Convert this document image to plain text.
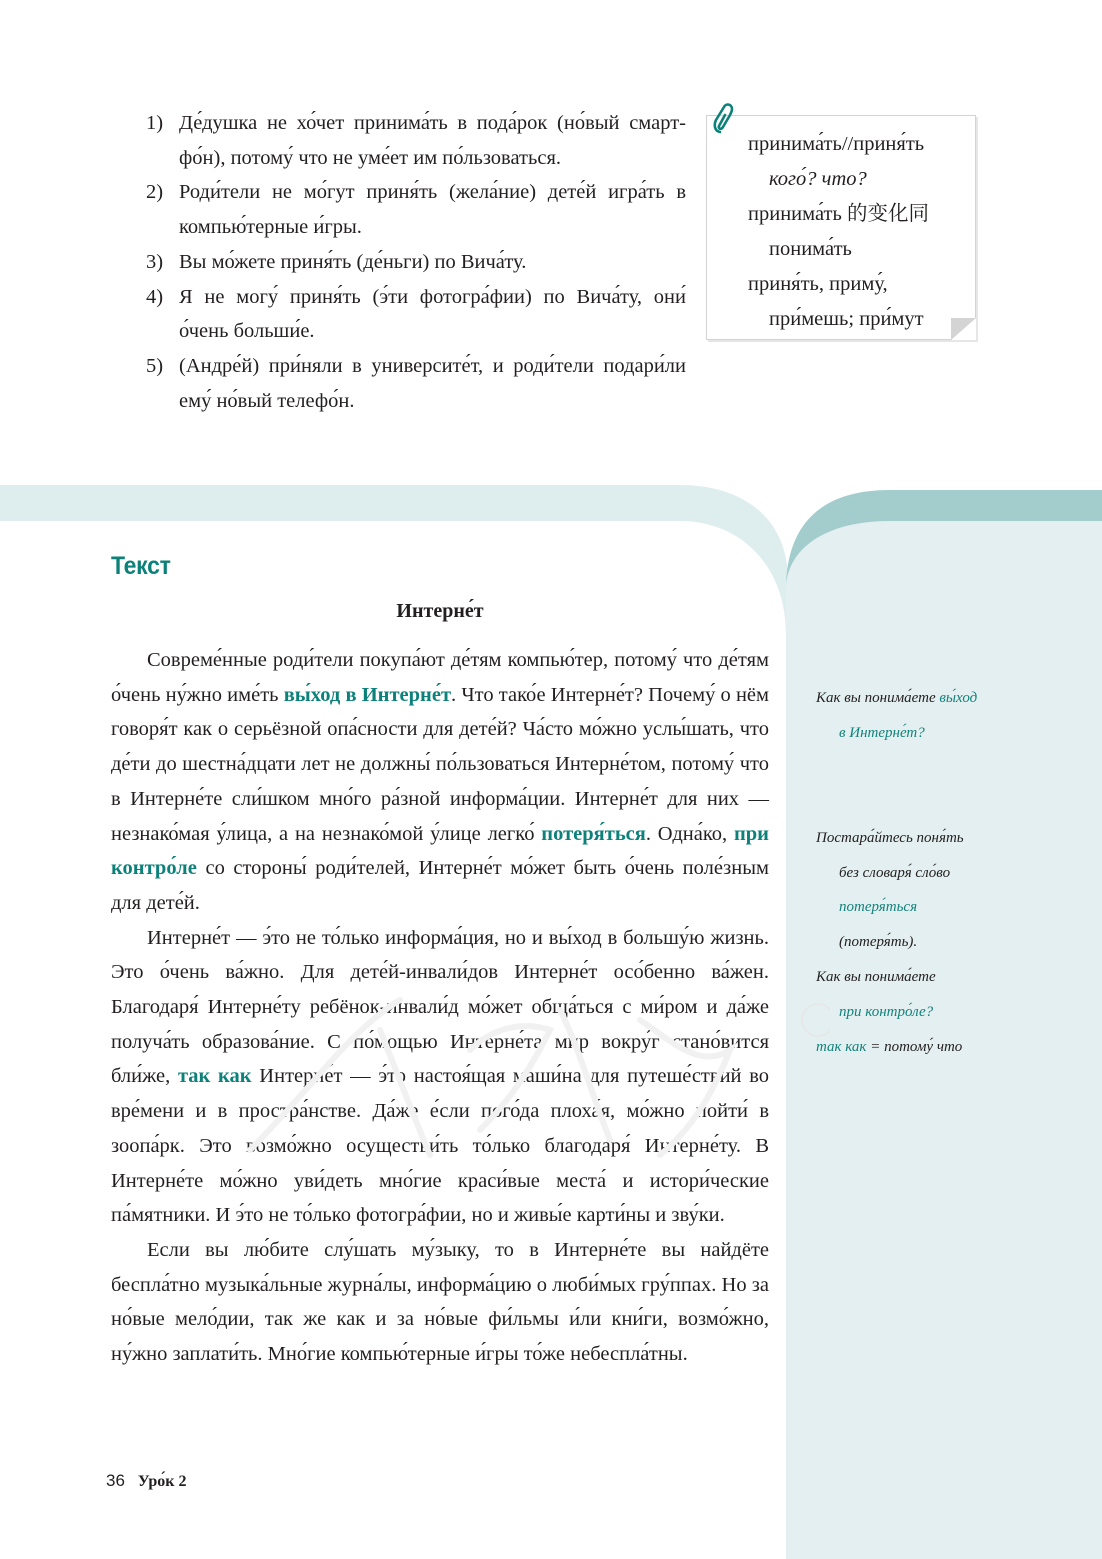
1) Де́душка не хо́чет принима́ть в пода́рок (но́вый смарт-фо́н), потому́ что не уме́ет им по́льзоваться.
2) Роди́тели не мо́гут приня́ть (жела́ние) дете́й игра́ть в компью́терные и́гры.
3) Вы мо́жете приня́ть (де́ньги) по Вича́ту.
4) Я не могу́ приня́ть (э́ти фотогра́фии) по Вича́ту, они́ о́чень больши́е.
5) (Андре́й) при́няли в университе́т, и роди́тели подари́ли ему́ но́вый телефо́н.
принима́ть//приня́ть
кого́? что?
принима́ть 的变化同
понима́ть
приня́ть, приму́,
при́мешь; при́мут
Текст
Интерне́т

Совреме́нные роди́тели покупа́ют де́тям компью́тер, потому́ что де́тям о́чень ну́жно име́ть вы́ход в Интерне́т. Что тако́е Интерне́т? Почему́ о нём говоря́т как о серьёзной опа́сности для дете́й? Ча́сто мо́жно услы́шать, что де́ти до шестна́дцати лет не должны́ по́льзоваться Интерне́том, потому́ что в Интерне́те сли́шком мно́го ра́зной информа́ции. Интерне́т для них — незнако́мая у́лица, а на незнако́мой у́лице легко́ потеря́ться. Одна́ко, при контро́ле со стороны́ роди́телей, Интерне́т мо́жет быть о́чень поле́зным для дете́й.

Интерне́т — э́то не то́лько информа́ция, но и вы́ход в большу́ю жизнь. Это о́чень ва́жно. Для дете́й-инвали́дов Интерне́т осо́бенно ва́жен. Благодаря́ Интерне́ту ребёнок-инвали́д мо́жет обща́ться с ми́ром и да́же получа́ть образова́ние. С по́мощью Интерне́та мир вокру́г стано́вится бли́же, так как Интерне́т — э́то настоя́щая маши́на для путеше́ствий во вре́мени и в простра́нстве. Да́же е́сли пого́да плоха́я, мо́жно пойти́ в зоопа́рк. Это возмо́жно осуществи́ть то́лько благодаря́ Интерне́ту. В Интерне́те мо́жно уви́деть мно́гие краси́вые места́ и истори́ческие па́мятники. И э́то не то́лько фотогра́фии, но и живы́е карти́ны и зву́ки.

Если вы лю́бите слу́шать му́зыку, то в Интерне́те вы найдёте беспла́тно музыка́льные журна́лы, информа́цию о люби́мых гру́ппах. Но за но́вые мело́дии, так же как и за но́вые фи́льмы и́ли кни́ги, возмо́жно, ну́жно заплати́ть. Мно́гие компью́терные и́гры то́же небеспла́тны.

Как вы понима́ете вы́ход
в Интерне́т?
Постара́йтесь поня́ть
без словаря́ сло́во
потеря́ться
(потеря́ть).
Как вы понима́ете
при контро́ле?
так как = потому́ что
36 Уро́к 2
